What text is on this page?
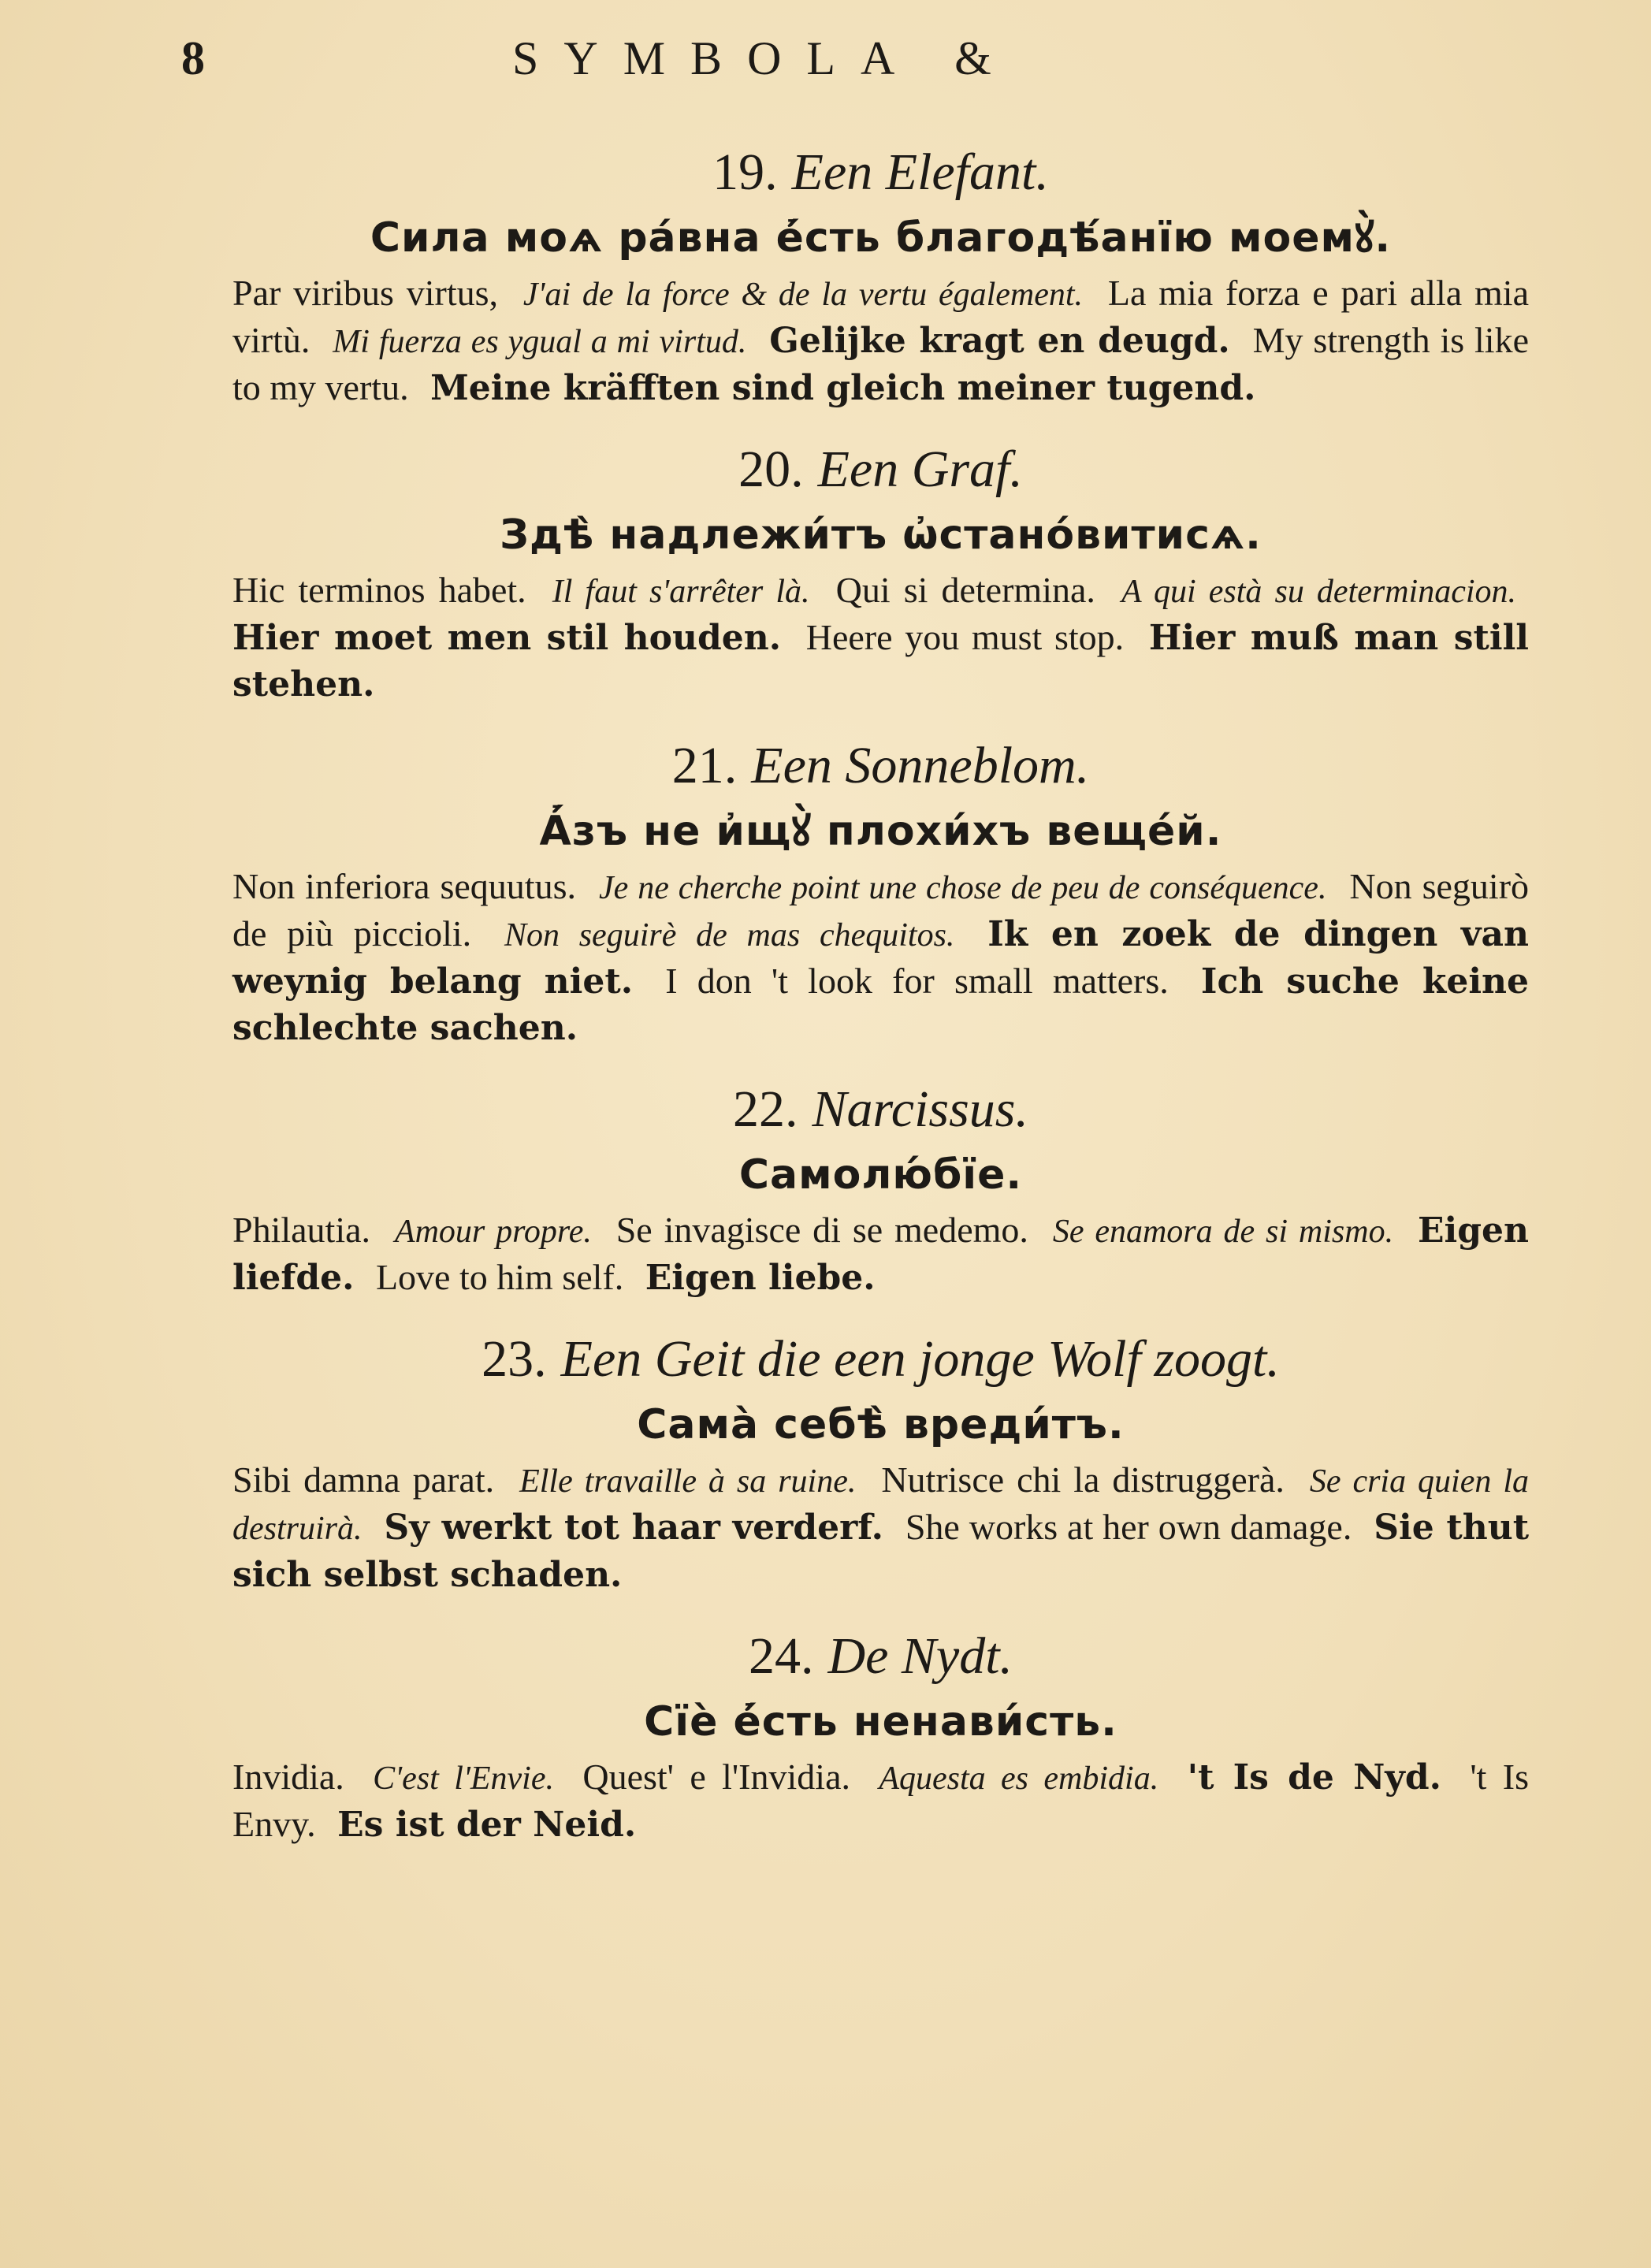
8	SYMBOLA &
19. Een Elefant.
Сила моѧ ра́вна е҆́сть благодѣ́анїю моемꙋ̀.
Par viribus virtus, J'ai de la force & de la vertu également. La mia forza e pari alla mia virtù. Mi fuerza es ygual a mi virtud. Gelijke kragt en deugd. My strength is like to my vertu. Meine kräfften sind gleich meiner tugend.
20. Een Graf.
Здѣ̀ надлежи́тъ ѡ҆стано́витисѧ.
Hic terminos habet. Il faut s'arrêter là. Qui si determina. A qui està su determinacion. Hier moet men stil houden. Heere you must stop. Hier muß man still stehen.
21. Een Sonneblom.
А҆́зъ не и҆щꙋ̀ плохи́хъ веще́й.
Non inferiora sequutus. Je ne cherche point une chose de peu de conséquence. Non seguirò de più piccioli. Non seguirè de mas chequitos. Ik en zoek de dingen van weynig belang niet. I don 't look for small matters. Ich suche keine schlechte sachen.
22. Narcissus.
Самолю́бїе.
Philautia. Amour propre. Se invagisce di se medemo. Se enamora de si mismo. Eigen liefde. Love to him self. Eigen liebe.
23. Een Geit die een jonge Wolf zoogt.
Сама̀ себѣ̀ вреди́тъ.
Sibi damna parat. Elle travaille à sa ruine. Nutrisce chi la distruggerà. Se cria quien la destruirà. Sy werkt tot haar verderf. She works at her own damage. Sie thut sich selbst schaden.
24. De Nydt.
Сїѐ е҆́сть ненави́сть.
Invidia. C'est l'Envie. Quest' e l'Invidia. Aquesta es embidia. 't Is de Nyd. 't Is Envy. Es ist der Neid.
